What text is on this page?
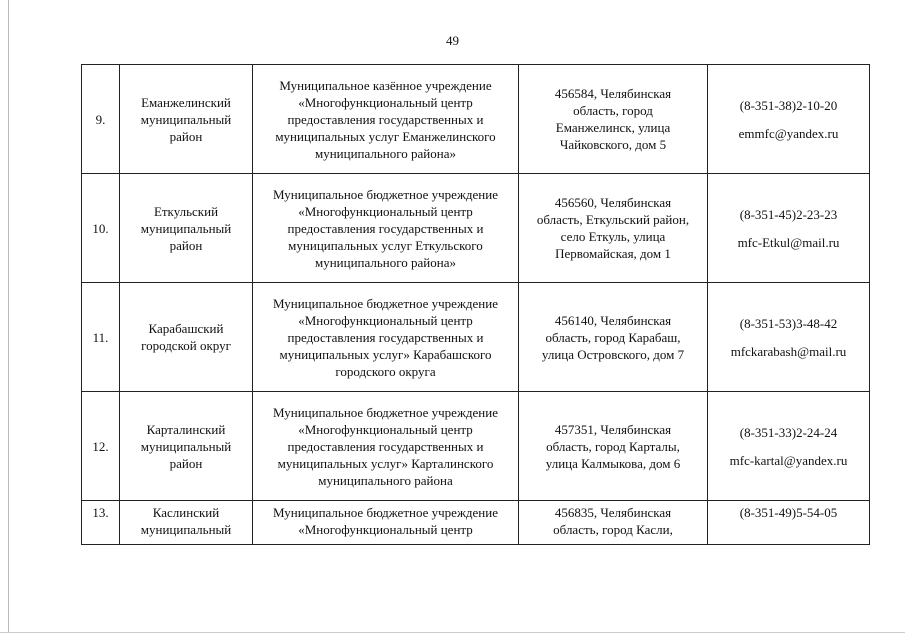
49
9.	Еманжелинский
муниципальный
район	Муниципальное казённое учреждение
«Многофункциональный центр
предоставления государственных и
муниципальных услуг Еманжелинского
муниципального района»	456584, Челябинская
область, город
Еманжелинск, улица
Чайковского, дом 5	(8-351-38)2-10-20
emmfc@yandex.ru

10.	Еткульский
муниципальный
район	Муниципальное бюджетное учреждение
«Многофункциональный центр
предоставления государственных и
муниципальных услуг Еткульского
муниципального района»	456560, Челябинская
область, Еткульский район,
село Еткуль, улица
Первомайская, дом 1	(8-351-45)2-23-23
mfc-Etkul@mail.ru

11.	Карабашский
городской округ	Муниципальное бюджетное учреждение
«Многофункциональный центр
предоставления государственных и
муниципальных услуг» Карабашского
городского округа	456140, Челябинская
область, город Карабаш,
улица Островского, дом 7	(8-351-53)3-48-42
mfckarabash@mail.ru

12.	Карталинский
муниципальный
район	Муниципальное бюджетное учреждение
«Многофункциональный центр
предоставления государственных и
муниципальных услуг» Карталинского
муниципального района	457351, Челябинская
область, город Карталы,
улица Калмыкова, дом 6	(8-351-33)2-24-24
mfc-kartal@yandex.ru

13.	Каслинский
муниципальный	Муниципальное бюджетное учреждение
«Многофункциональный центр	456835, Челябинская
область, город Касли,	(8-351-49)5-54-05
